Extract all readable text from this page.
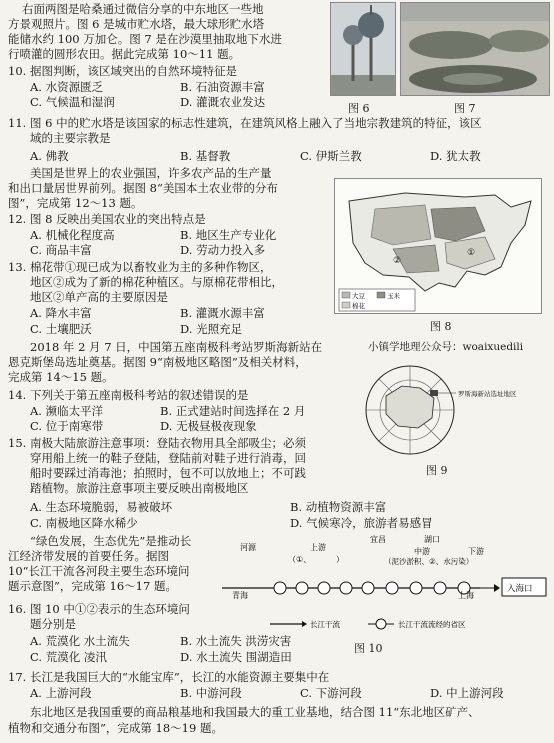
右面两图是哈桑通过微信分享的中东地区一些地
方景观照片。图 6 是城市贮水塔，最大球形贮水塔
能储水约 100 万加仑。图 7 是在沙漠里抽取地下水进
行喷灌的圆形农田。据此完成第 10～11 题。
图 6	图 7
10. 据图判断，该区域突出的自然环境特征是
A. 水资源匮乏	B. 石油资源丰富
C. 气候温和湿润	D. 灌溉农业发达
11. 图 6 中的贮水塔是该国家的标志性建筑，在建筑风格上融入了当地宗教建筑的特征，该区
域的主要宗教是
A. 佛教	B. 基督教	C. 伊斯兰教	D. 犹太教
美国是世界上的农业强国，许多农产品的生产量
和出口量居世界前列。据图 8“美国本土农业带的分布
图”，完成第 12～13 题。
12. 图 8 反映出美国农业的突出特点是
A. 机械化程度高	B. 地区生产专业化
C. 商品丰富	D. 劳动力投入多
13. 棉花带①现已成为以畜牧业为主的多种作物区，
地区②成为了新的棉花种植区。与原棉花带相比，
地区②单产高的主要原因是
A. 降水丰富	B. 灌溉水源丰富
C. 土壤肥沃	D. 光照充足
②
①
大豆
棉花
玉米
图 8
2018 年 2 月 7 日，中国第五座南极科考站罗斯海新站在	小镇学地理公众号：woaixuedili
恩克斯堡岛选址奠基。据图 9“南极地区略图”及相关材料，
完成第 14～15 题。
罗斯海新站选址地区
图 9
14. 下列关于第五座南极科考站的叙述错误的是
A. 濒临太平洋	B. 正式建站时间选择在 2 月
C. 位于南寒带	D. 无极昼极夜现象
15. 南极大陆旅游注意事项：登陆衣物用具全部吸尘；必须
穿用船上统一的鞋子登陆，登陆前对鞋子进行消毒，回
船时要踩过消毒池；拍照时，包不可以放地上；不可践
踏植物。旅游注意事项主要反映出南极地区
A. 生态环境脆弱，易被破坏	B. 动植物资源丰富
C. 南极地区降水稀少	D. 气候寒冷，旅游者易感冒
“绿色发展，生态优先”是推动长
江经济带发展的首要任务。据图
10“长江干流各河段主要生态环境问
题示意图”，完成第 16～17 题。
河源	上游
宜昌	湖口
中游	下游
（①、	）	（泥沙淤积、②、水污染）
青海	上海
入海口
长江干流	长江干流流经的省区
图 10
16. 图 10 中①②表示的生态环境问
题分别是
A. 荒漠化 水土流失	B. 水土流失 洪涝灾害
C. 荒漠化 凌汛	D. 水土流失 围湖造田
17. 长江是我国巨大的“水能宝库”，长江的水能资源主要集中在
A. 上游河段	B. 中游河段	C. 下游河段	D. 中上游河段
东北地区是我国重要的商品粮基地和我国最大的重工业基地，结合图 11“东北地区矿产、
植物和交通分布图”，完成第 18～19 题。
